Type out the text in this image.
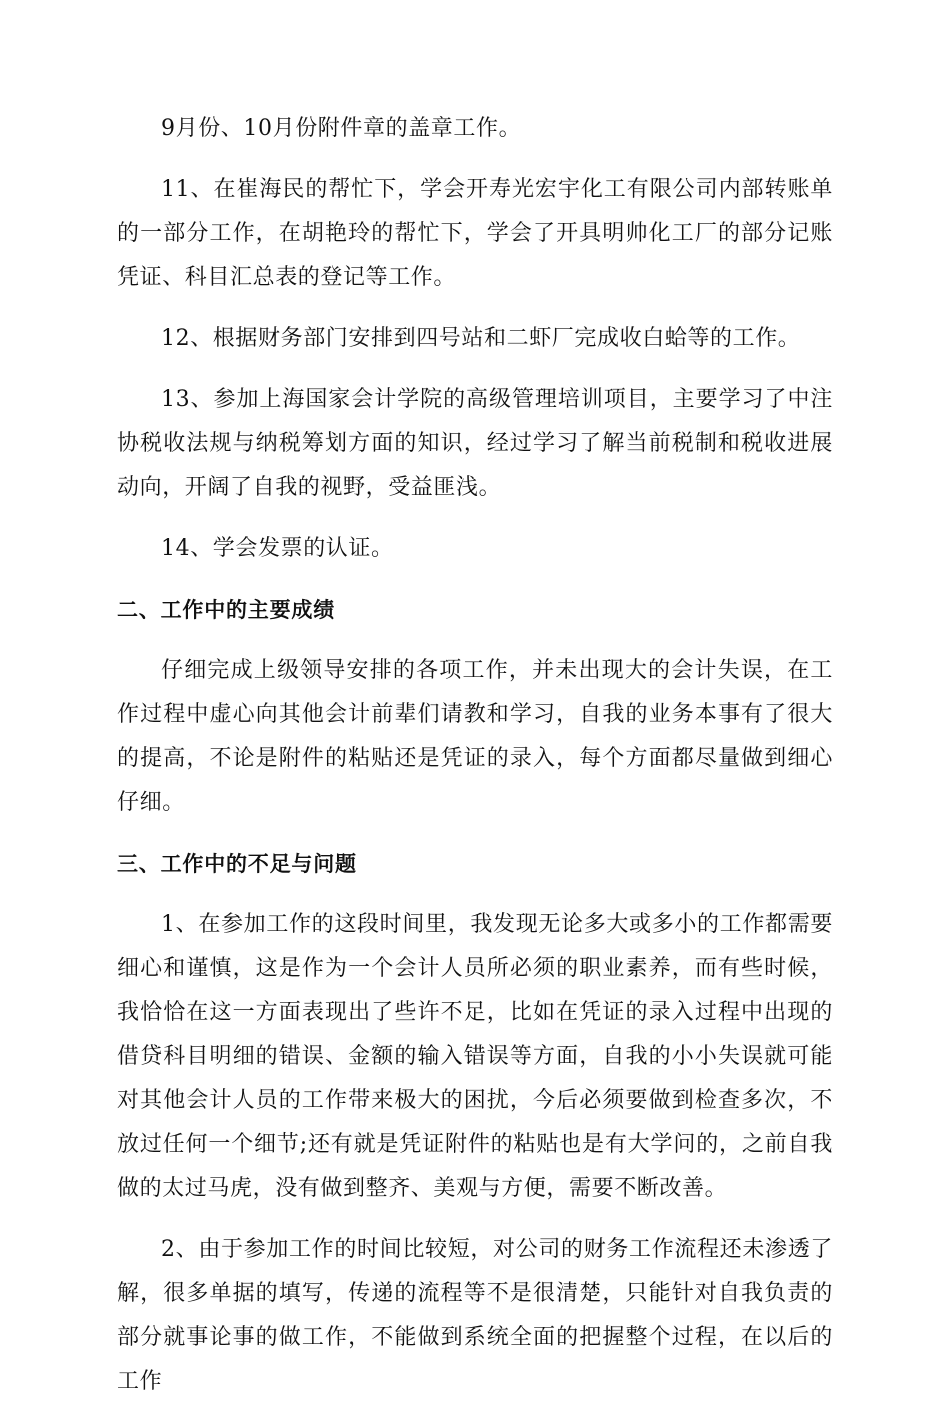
9月份、10月份附件章的盖章工作。

11、在崔海民的帮忙下，学会开寿光宏宇化工有限公司内部转账单的一部分工作，在胡艳玲的帮忙下，学会了开具明帅化工厂的部分记账凭证、科目汇总表的登记等工作。

12、根据财务部门安排到四号站和二虾厂完成收白蛤等的工作。

13、参加上海国家会计学院的高级管理培训项目，主要学习了中注协税收法规与纳税筹划方面的知识，经过学习了解当前税制和税收进展动向，开阔了自我的视野，受益匪浅。

14、学会发票的认证。

二、工作中的主要成绩

仔细完成上级领导安排的各项工作，并未出现大的会计失误，在工作过程中虚心向其他会计前辈们请教和学习，自我的业务本事有了很大的提高，不论是附件的粘贴还是凭证的录入，每个方面都尽量做到细心仔细。

三、工作中的不足与问题

1、在参加工作的这段时间里，我发现无论多大或多小的工作都需要细心和谨慎，这是作为一个会计人员所必须的职业素养，而有些时候，我恰恰在这一方面表现出了些许不足，比如在凭证的录入过程中出现的借贷科目明细的错误、金额的输入错误等方面，自我的小小失误就可能对其他会计人员的工作带来极大的困扰，今后必须要做到检查多次，不放过任何一个细节;还有就是凭证附件的粘贴也是有大学问的，之前自我做的太过马虎，没有做到整齐、美观与方便，需要不断改善。

2、由于参加工作的时间比较短，对公司的财务工作流程还未渗透了解，很多单据的填写，传递的流程等不是很清楚，只能针对自我负责的部分就事论事的做工作，不能做到系统全面的把握整个过程，在以后的工作
